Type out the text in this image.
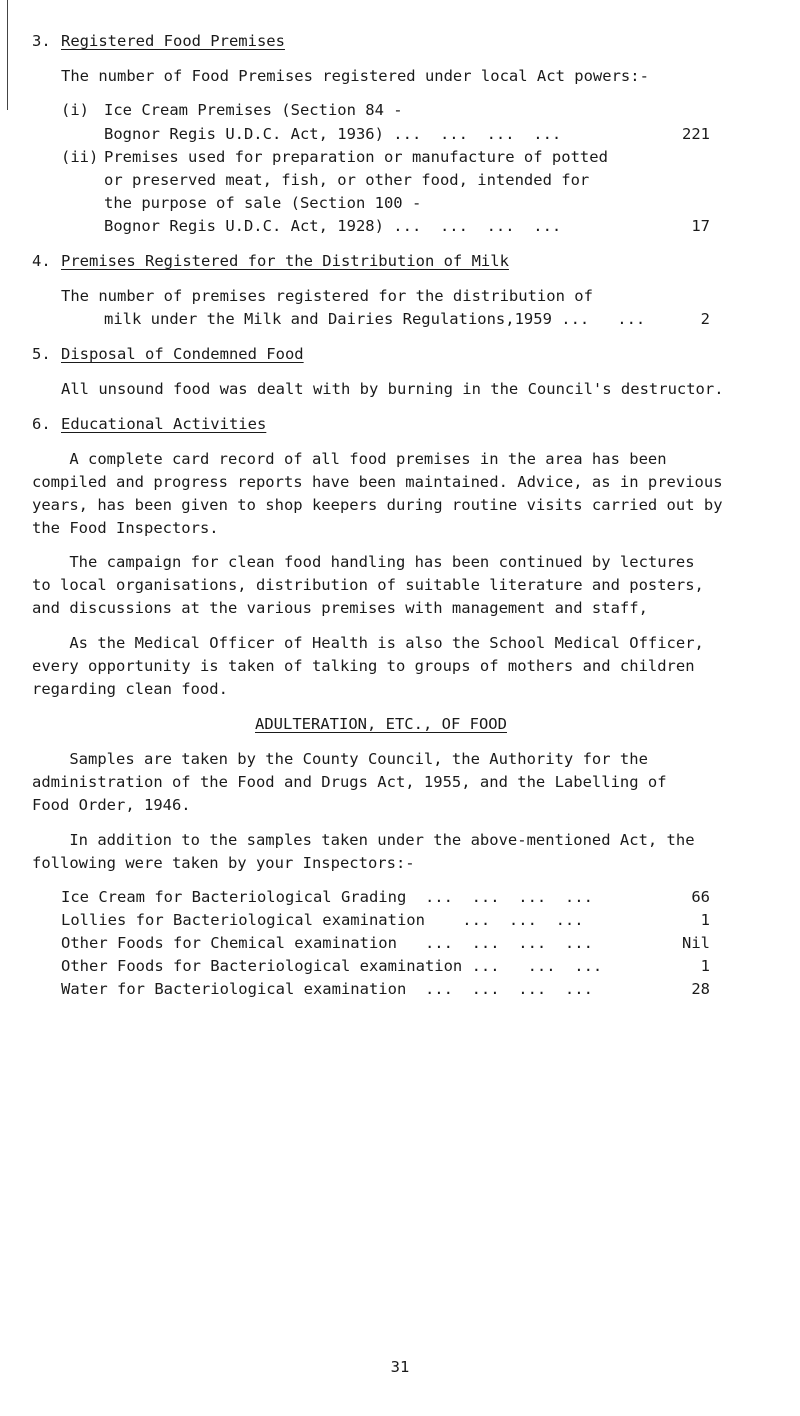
3. Registered Food Premises
The number of Food Premises registered under local Act powers:-
(i) Ice Cream Premises (Section 84 -
Bognor Regis U.D.C. Act, 1936) ...  ...  ...  ...	221
(ii) Premises used for preparation or manufacture of potted
or preserved meat, fish, or other food, intended for
the purpose of sale (Section 100 -
Bognor Regis U.D.C. Act, 1928) ...  ...  ...  ...	17
4. Premises Registered for the Distribution of Milk
The number of premises registered for the distribution of
milk under the Milk and Dairies Regulations,1959 ...   ...	2
5. Disposal of Condemned Food
All unsound food was dealt with by burning in the Council's destructor.
6. Educational Activities
A complete card record of all food premises in the area has been
compiled and progress reports have been maintained. Advice, as in previous
years, has been given to shop keepers during routine visits carried out by
the Food Inspectors.
The campaign for clean food handling has been continued by lectures
to local organisations, distribution of suitable literature and posters,
and discussions at the various premises with management and staff,
As the Medical Officer of Health is also the School Medical Officer,
every opportunity is taken of talking to groups of mothers and children
regarding clean food.
ADULTERATION, ETC., OF FOOD
Samples are taken by the County Council, the Authority for the
administration of the Food and Drugs Act, 1955, and the Labelling of
Food Order, 1946.
In addition to the samples taken under the above-mentioned Act, the
following were taken by your Inspectors:-
Ice Cream for Bacteriological Grading  ...  ...  ...  ...	66
Lollies for Bacteriological examination    ...  ...  ...	1
Other Foods for Chemical examination   ...  ...  ...  ...	Nil
Other Foods for Bacteriological examination ...   ...  ...	1
Water for Bacteriological examination  ...  ...  ...  ...	28
31
